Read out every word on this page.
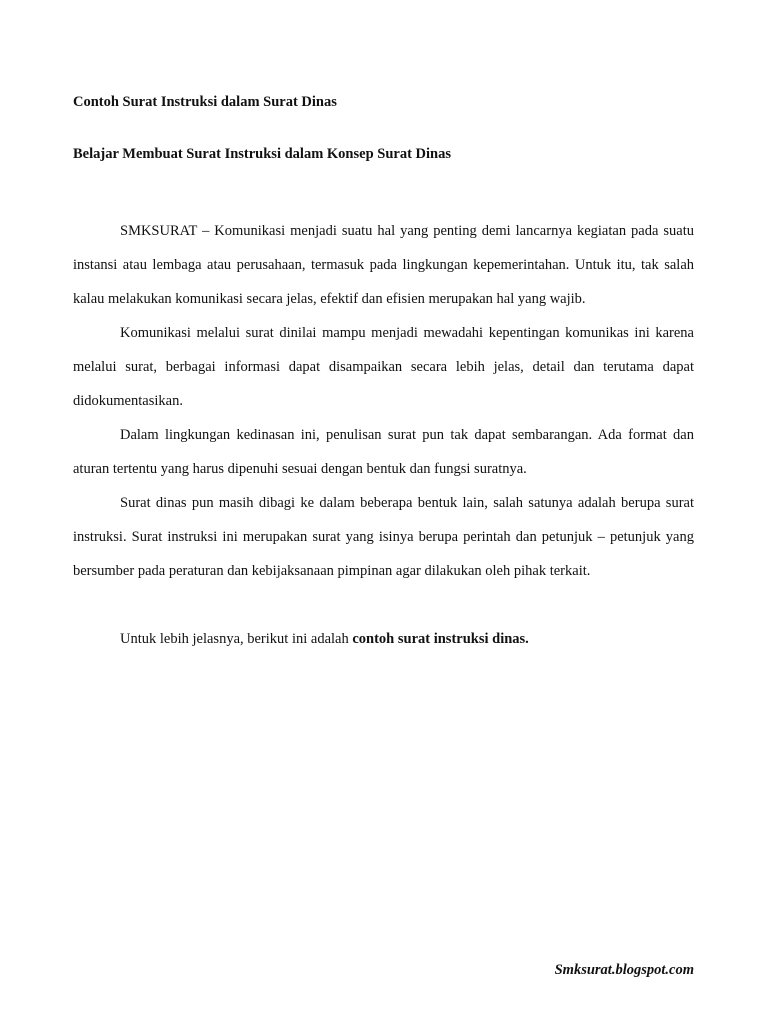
Contoh Surat Instruksi dalam Surat Dinas
Belajar Membuat Surat Instruksi dalam Konsep Surat Dinas

SMKSURAT – Komunikasi menjadi suatu hal yang penting demi lancarnya kegiatan pada suatu instansi atau lembaga atau perusahaan, termasuk pada lingkungan kepemerintahan. Untuk itu, tak salah kalau melakukan komunikasi secara jelas, efektif dan efisien merupakan hal yang wajib.

Komunikasi melalui surat dinilai mampu menjadi mewadahi kepentingan komunikas ini karena melalui surat, berbagai informasi dapat disampaikan secara lebih jelas, detail dan terutama dapat didokumentasikan.

Dalam lingkungan kedinasan ini, penulisan surat pun tak dapat sembarangan. Ada format dan aturan tertentu yang harus dipenuhi sesuai dengan bentuk dan fungsi suratnya.

Surat dinas pun masih dibagi ke dalam beberapa bentuk lain, salah satunya adalah berupa surat instruksi. Surat instruksi ini merupakan surat yang isinya berupa perintah dan petunjuk – petunjuk yang bersumber pada peraturan dan kebijaksanaan pimpinan agar dilakukan oleh pihak terkait.

Untuk lebih jelasnya, berikut ini adalah contoh surat instruksi dinas.

Smksurat.blogspot.com
